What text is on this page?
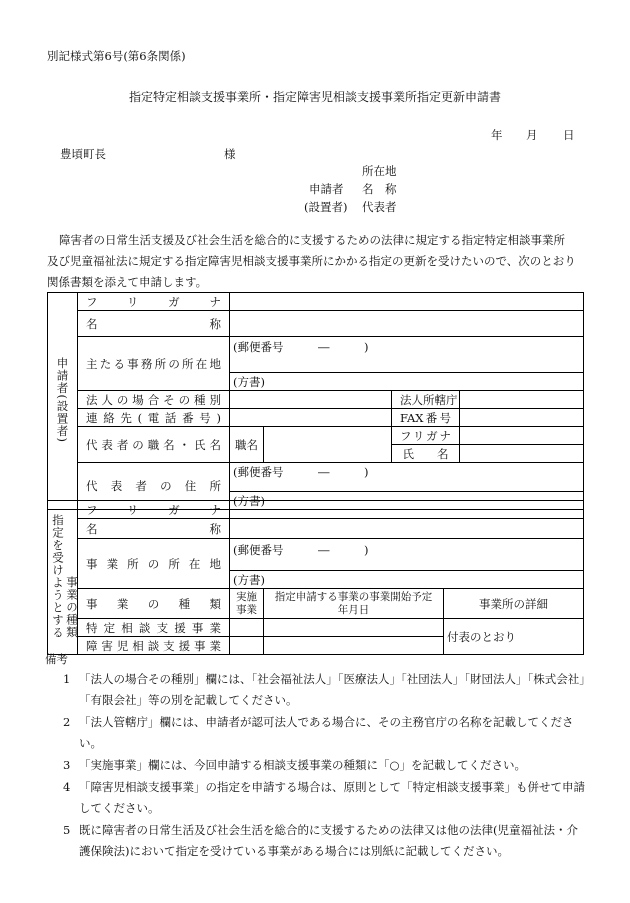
別記様式第6号(第6条関係)
指定特定相談支援事業所・指定障害児相談支援事業所指定更新申請書
年 月 日
豊頃町長	様
所在地
申請者 名　称
(設置者) 代表者
障害者の日常生活支援及び社会生活を総合的に支援するための法律に規定する指定特定相談事業所
及び児童福祉法に規定する指定障害児相談支援事業所にかかる指定の更新を受けたいので、次のとおり
関係書類を添えて申請します。
申請者(設置者)	フリガナ				
	名称				
	主たる事務所の所在地	(郵便番号　　　―　　　)			
		(方書)			
	法人の場合その種別			法人所轄庁	
	連絡先(電話番号)			FAX番号	
	代表者の職名・氏名	職名		フリガナ	
				氏　　名	
	代表者の住所	(郵便番号　　　―　　　)			
		(方書)			
指定を受けようとする事業の種類	フリガナ			
	名称			
	事業所の所在地	(郵便番号　　　―　　　)		
		(方書)		
	事業の種類	実施事業	指定申請する事業の事業開始予定年月日	事業所の詳細
	特定相談支援事業			付表のとおり
	障害児相談支援事業			
備考
1 「法人の場合その種別」欄には、「社会福祉法人」「医療法人」「社団法人」「財団法人」「株式会社」「有限会社」等の別を記載してください。
2 「法人管轄庁」欄には、申請者が認可法人である場合に、その主務官庁の名称を記載してください。
3 「実施事業」欄には、今回申請する相談支援事業の種類に「○」を記載してください。
4 「障害児相談支援事業」の指定を申請する場合は、原則として「特定相談支援事業」も併せて申請してください。
5 既に障害者の日常生活及び社会生活を総合的に支援するための法律又は他の法律(児童福祉法・介護保険法)において指定を受けている事業がある場合には別紙に記載してください。
